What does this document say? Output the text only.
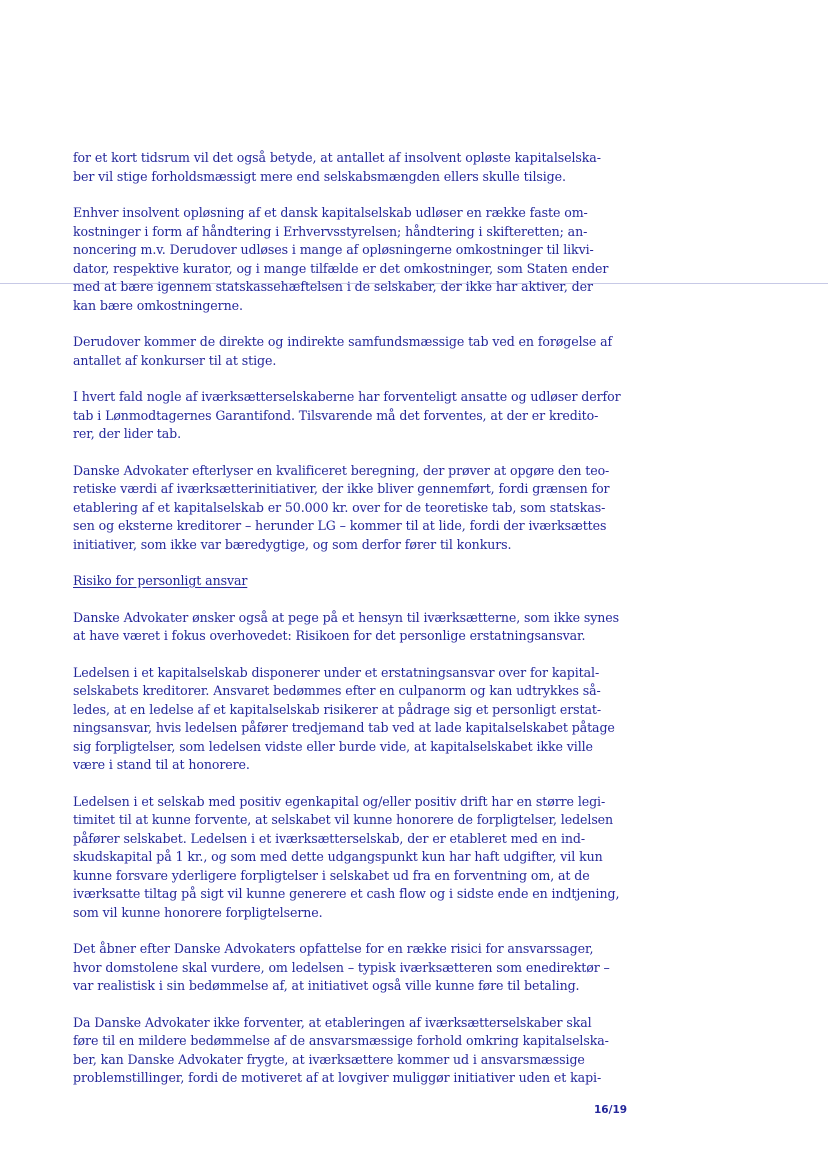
for et kort tidsrum vil det også betyde, at antallet af insolvent opløste kapitalselska-
ber vil stige forholdsmæssigt mere end selskabsmængden ellers skulle tilsige.

Enhver insolvent opløsning af et dansk kapitalselskab udløser en række faste om-
kostninger i form af håndtering i Erhvervsstyrelsen; håndtering i skifteretten; an-
noncering m.v. Derudover udløses i mange af opløsningerne omkostninger til likvi-
dator, respektive kurator, og i mange tilfælde er det omkostninger, som Staten ender
med at bære igennem statskassehæftelsen i de selskaber, der ikke har aktiver, der
kan bære omkostningerne.

Derudover kommer de direkte og indirekte samfundsmæssige tab ved en forøgelse af
antallet af konkurser til at stige.

I hvert fald nogle af iværksætterselskaberne har forventeligt ansatte og udløser derfor
tab i Lønmodtagernes Garantifond. Tilsvarende må det forventes, at der er kredito-
rer, der lider tab.

Danske Advokater efterlyser en kvalificeret beregning, der prøver at opgøre den teo-
retiske værdi af iværksætterinitiativer, der ikke bliver gennemført, fordi grænsen for
etablering af et kapitalselskab er 50.000 kr. over for de teoretiske tab, som statskas-
sen og eksterne kreditorer – herunder LG – kommer til at lide, fordi der iværksættes
initiativer, som ikke var bæredygtige, og som derfor fører til konkurs.

Risiko for personligt ansvar

Danske Advokater ønsker også at pege på et hensyn til iværksætterne, som ikke synes
at have været i fokus overhovedet: Risikoen for det personlige erstatningsansvar.

Ledelsen i et kapitalselskab disponerer under et erstatningsansvar over for kapital-
selskabets kreditorer. Ansvaret bedømmes efter en culpanorm og kan udtrykkes så-
ledes, at en ledelse af et kapitalselskab risikerer at pådrage sig et personligt erstat-
ningsansvar, hvis ledelsen påfører tredjemand tab ved at lade kapitalselskabet påtage
sig forpligtelser, som ledelsen vidste eller burde vide, at kapitalselskabet ikke ville
være i stand til at honorere.

Ledelsen i et selskab med positiv egenkapital og/eller positiv drift har en større legi-
timitet til at kunne forvente, at selskabet vil kunne honorere de forpligtelser, ledelsen
påfører selskabet. Ledelsen i et iværksætterselskab, der er etableret med en ind-
skudskapital på 1 kr., og som med dette udgangspunkt kun har haft udgifter, vil kun
kunne forsvare yderligere forpligtelser i selskabet ud fra en forventning om, at de
iværksatte tiltag på sigt vil kunne generere et cash flow og i sidste ende en indtjening,
som vil kunne honorere forpligtelserne.

Det åbner efter Danske Advokaters opfattelse for en række risici for ansvarssager,
hvor domstolene skal vurdere, om ledelsen – typisk iværksætteren som enedirektør –
var realistisk i sin bedømmelse af, at initiativet også ville kunne føre til betaling.

Da Danske Advokater ikke forventer, at etableringen af iværksætterselskaber skal
føre til en mildere bedømmelse af de ansvarsmæssige forhold omkring kapitalselska-
ber, kan Danske Advokater frygte, at iværksættere kommer ud i ansvarsmæssige
problemstillinger, fordi de motiveret af at lovgiver muliggør initiativer uden et kapi-

16/19
